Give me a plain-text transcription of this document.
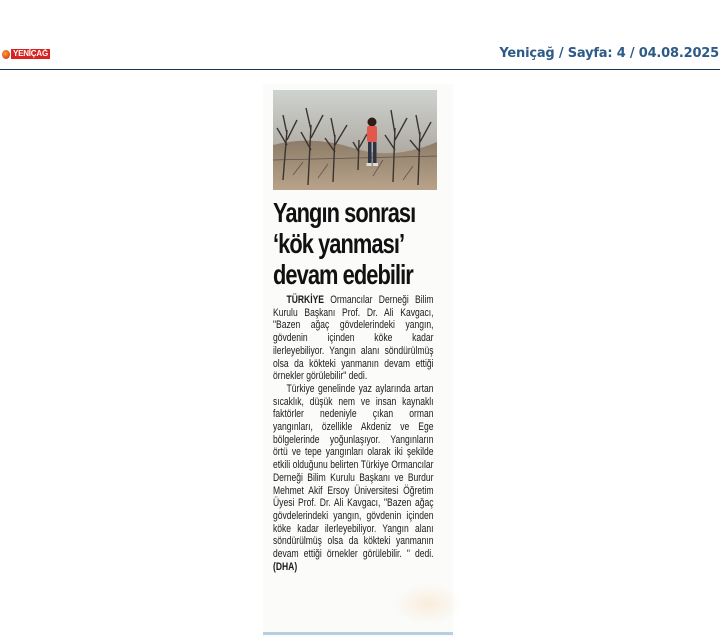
YENİÇAĞ	Yeniçağ / Sayfa: 4 / 04.08.2025
Yangın sonrası
‘kök yanması’
devam edebilir

TÜRKİYE Ormancılar Derneği Bilim Kurulu Başkanı Prof. Dr. Ali Kavgacı, "Bazen ağaç gövdelerindeki yangın, gövdenin içinden köke kadar ilerleyebiliyor. Yangın alanı söndürülmüş olsa da kökteki yanmanın devam ettiği örnekler görülebilir" dedi.

Türkiye genelinde yaz aylarında artan sıcaklık, düşük nem ve insan kaynaklı faktörler nedeniyle çıkan orman yangınları, özellikle Akdeniz ve Ege bölgelerinde yoğunlaşıyor. Yangınların örtü ve tepe yangınları olarak iki şekilde etkili olduğunu belirten Türkiye Ormancılar Derneği Bilim Kurulu Başkanı ve Burdur Mehmet Akif Ersoy Üniversitesi Öğretim Üyesi Prof. Dr. Ali Kavgacı, "Bazen ağaç gövdelerindeki yangın, gövdenin içinden köke kadar ilerleyebiliyor. Yangın alanı söndürülmüş olsa da kökteki yanmanın devam ettiği örnekler görülebilir. " dedi. (DHA)
